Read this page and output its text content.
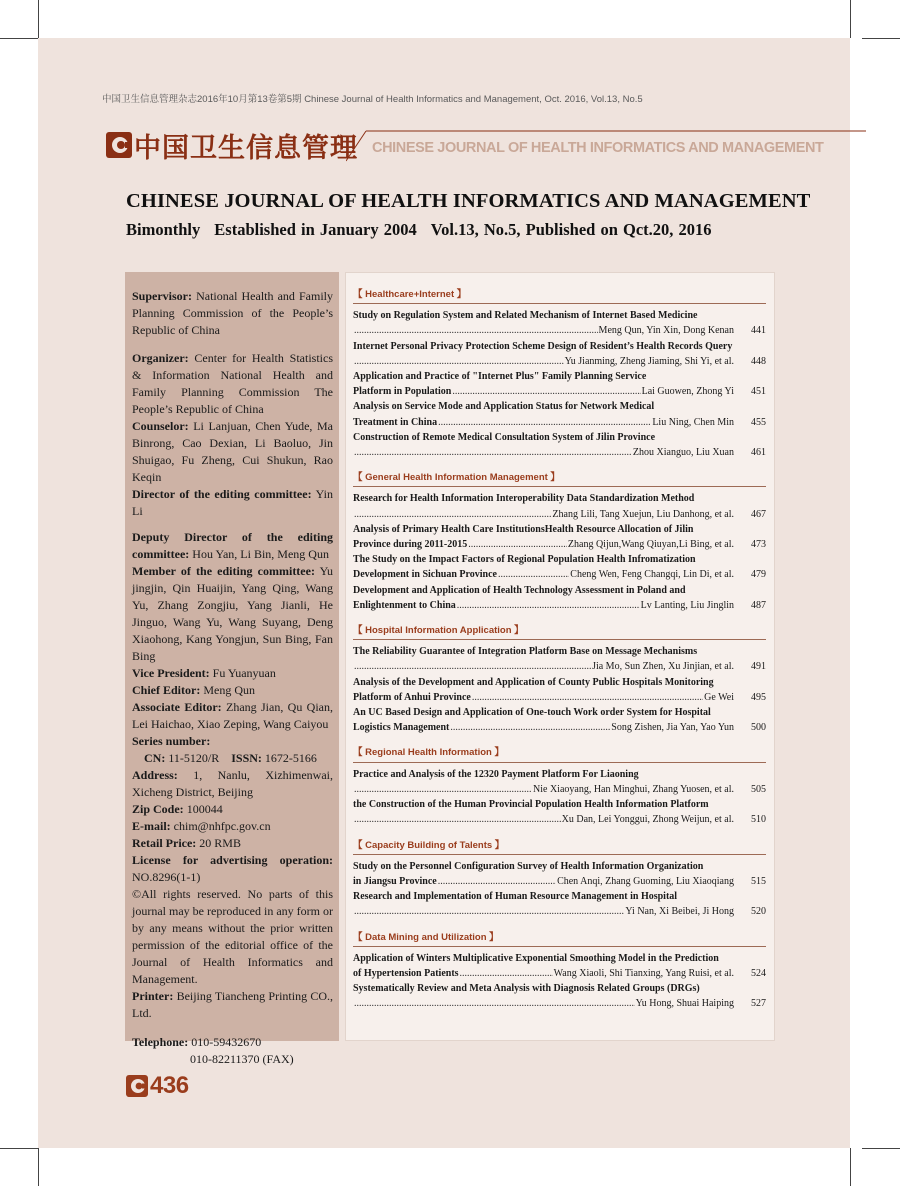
中国卫生信息管理杂志2016年10月第13卷第5期 Chinese Journal of Health Informatics and Management, Oct. 2016, Vol.13, No.5
中国卫生信息管理 CHINESE JOURNAL OF HEALTH INFORMATICS AND MANAGEMENT
CHINESE JOURNAL OF HEALTH INFORMATICS AND MANAGEMENT
Bimonthly Established in January 2004 Vol.13, No.5, Published on Qct.20, 2016

Supervisor: National Health and Family Planning Commission of the People’s Republic of China

Organizer: Center for Health Statistics & Information National Health and Family Planning Commission The People’s Republic of China

Counselor: Li Lanjuan, Chen Yude, Ma Binrong, Cao Dexian, Li Baoluo, Jin Shuigao, Fu Zheng, Cui Shukun, Rao Keqin

Director of the editing committee: Yin Li

Deputy Director of the editing committee: Hou Yan, Li Bin, Meng Qun

Member of the editing committee: Yu jingjin, Qin Huaijin, Yang Qing, Wang Yu, Zhang Zongjiu, Yang Jianli, He Jinguo, Wang Yu, Wang Suyang, Deng Xiaohong, Kang Yongjun, Sun Bing, Fan Bing

Vice President: Fu Yuanyuan

Chief Editor: Meng Qun

Associate Editor: Zhang Jian, Qu Qian, Lei Haichao, Xiao Zeping, Wang Caiyou

Series number:

CN: 11-5120/R ISSN: 1672-5166

Address: 1, Nanlu, Xizhimenwai, Xicheng District, Beijing

Zip Code: 100044

E-mail: chim@nhfpc.gov.cn

Retail Price: 20 RMB

License for advertising operation: NO.8296(1-1)

©All rights reserved. No parts of this journal may be reproduced in any form or by any means without the prior written permission of the editorial office of the Journal of Health Informatics and Management.

Printer: Beijing Tiancheng Printing CO., Ltd.

Telephone: 010-59432670

010-82211370 (FAX)

【 Healthcare+Internet 】
Study on Regulation System and Related Mechanism of Internet Based Medicine
.....
Meng Qun, Yin Xin, Dong Kenan	441
Internet Personal Privacy Protection Scheme Design of Resident’s Health Records Query
.....
Yu Jianming, Zheng Jiaming, Shi Yi, et al.	448
Application and Practice of "Internet Plus" Family Planning Service
Platform in Population .....	Lai Guowen, Zhong Yi	451
Analysis on Service Mode and Application Status for Network Medical
Treatment in China .....	Liu Ning, Chen Min	455
Construction of Remote Medical Consultation System of Jilin Province
.....
Zhou Xianguo, Liu Xuan	461
【 General Health Information Management 】
Research for Health Information Interoperability Data Standardization Method
.....
Zhang Lili, Tang Xuejun, Liu Danhong, et al.	467
Analysis of Primary Health Care InstitutionsHealth Resource Allocation of Jilin
Province during 2011-2015 .....	Zhang Qijun,Wang Qiuyan,Li Bing, et al.	473
The Study on the Impact Factors of Regional Population Health Infromatization
Development in Sichuan Province .....	Cheng Wen, Feng Changqi, Lin Di, et al.	479
Development and Application of Health Technology Assessment in Poland and
Enlightenment to China .....	Lv Lanting, Liu Jinglin	487
【 Hospital Information Application 】
The Reliability Guarantee of Integration Platform Base on Message Mechanisms
.....
Jia Mo, Sun Zhen, Xu Jinjian, et al.	491
Analysis of the Development and Application of County Public Hospitals Monitoring
Platform of Anhui Province .....	Ge Wei	495
An UC Based Design and Application of One-touch Work order System for Hospital
Logistics Management .....	Song Zishen, Jia Yan, Yao Yun	500
【 Regional Health Information 】
Practice and Analysis of the 12320 Payment Platform For Liaoning
.....
Nie Xiaoyang, Han Minghui, Zhang Yuosen, et al.	505
the Construction of the Human Provincial Population Health Information Platform
.....
Xu Dan, Lei Yonggui, Zhong Weijun, et al.	510
【 Capacity Building of Talents 】
Study on the Personnel Configuration Survey of Health Information Organization
in Jiangsu Province .....	Chen Anqi, Zhang Guoming, Liu Xiaoqiang	515
Research and Implementation of Human Resource Management in Hospital
.....
Yi Nan, Xi Beibei, Ji Hong	520
【 Data Mining and Utilization 】
Application of Winters Multiplicative Exponential Smoothing Model in the Prediction
of Hypertension Patients .....	Wang Xiaoli, Shi Tianxing, Yang Ruisi, et al.	524
Systematically Review and Meta Analysis with Diagnosis Related Groups (DRGs)
.....
Yu Hong, Shuai Haiping	527
436
